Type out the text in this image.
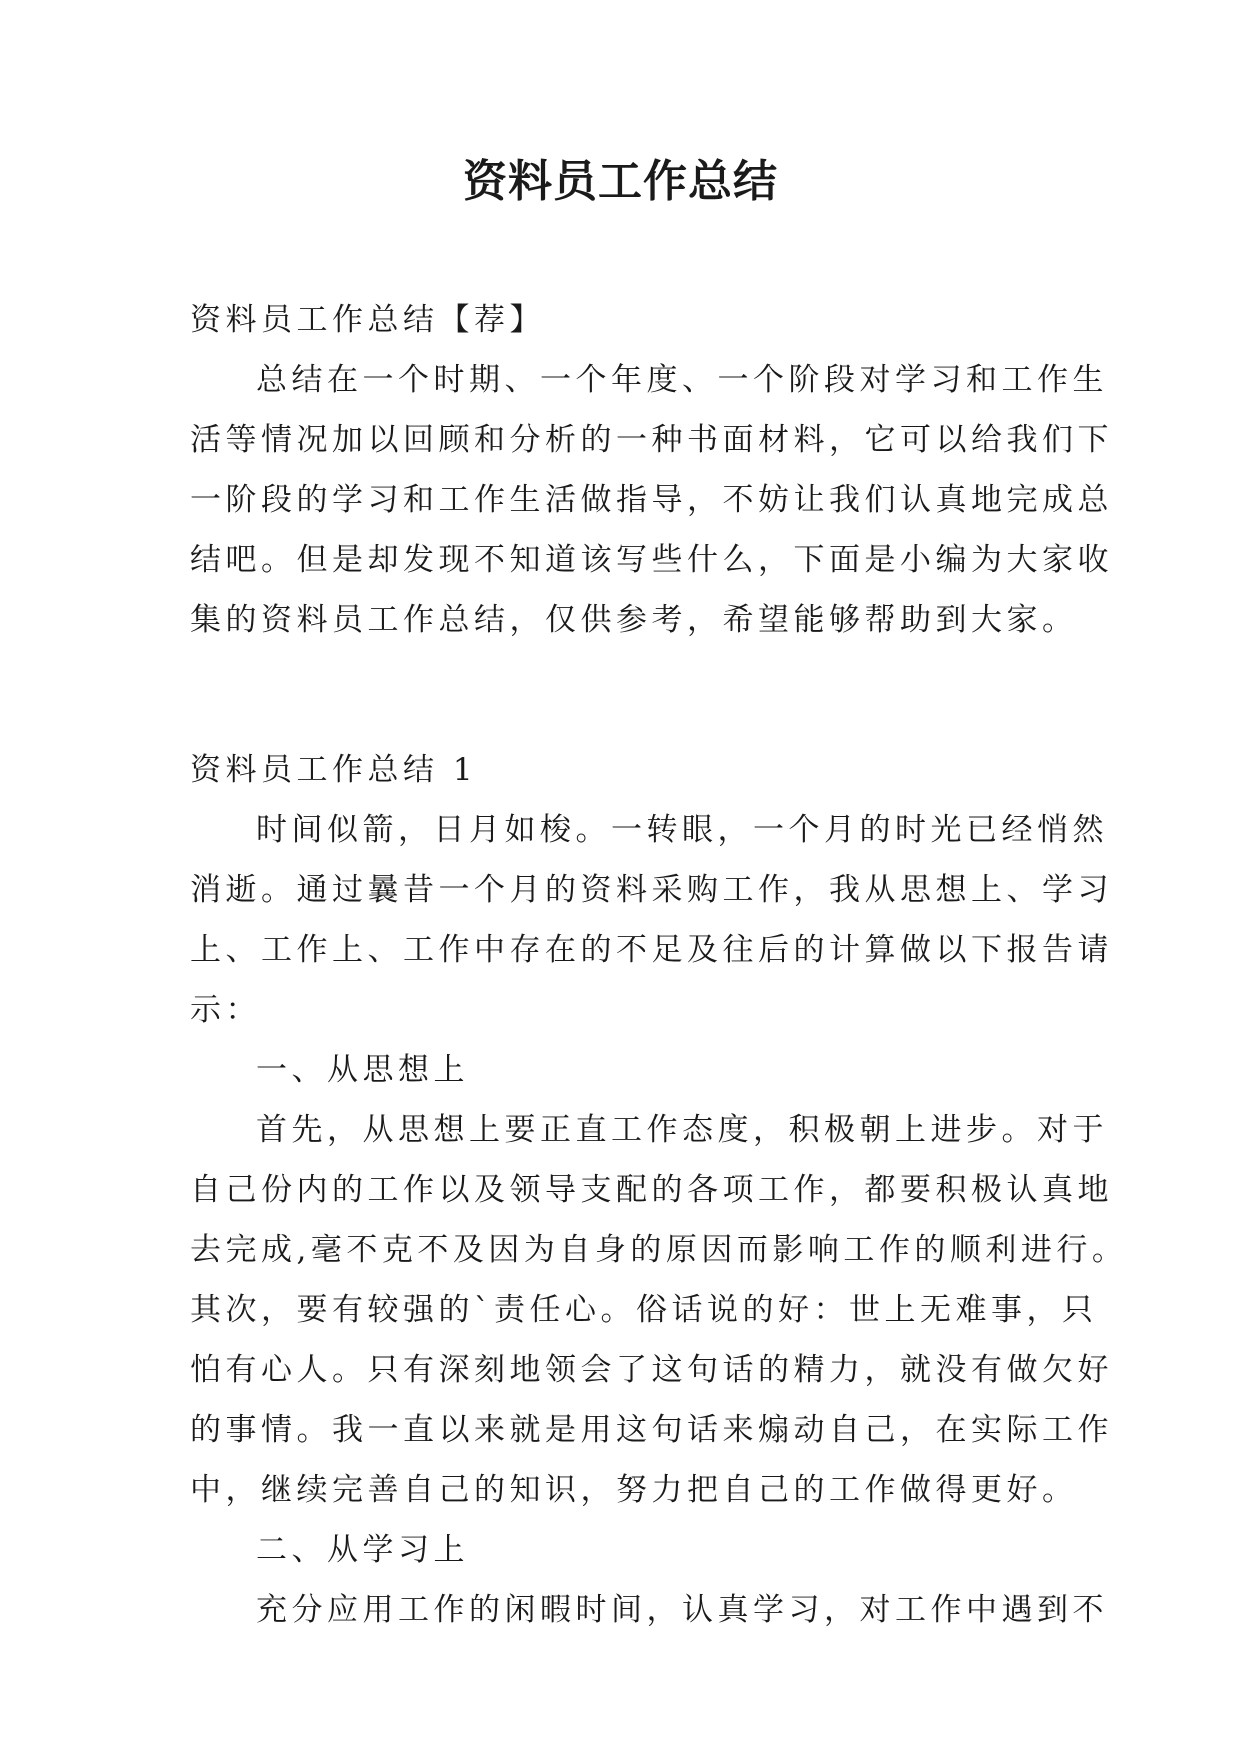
资料员工作总结
资料员工作总结【荐】
总结在一个时期、一个年度、一个阶段对学习和工作生
活等情况加以回顾和分析的一种书面材料，它可以给我们下
一阶段的学习和工作生活做指导，不妨让我们认真地完成总
结吧。但是却发现不知道该写些什么，下面是小编为大家收
集的资料员工作总结，仅供参考，希望能够帮助到大家。
资料员工作总结 1
时间似箭，日月如梭。一转眼，一个月的时光已经悄然
消逝。通过曩昔一个月的资料采购工作，我从思想上、学习
上、工作上、工作中存在的不足及往后的计算做以下报告请
示：
一、从思想上
首先，从思想上要正直工作态度，积极朝上进步。对于
自己份内的工作以及领导支配的各项工作，都要积极认真地
去完成,毫不克不及因为自身的原因而影响工作的顺利进行。
其次，要有较强的`责任心。俗话说的好：世上无难事，只
怕有心人。只有深刻地领会了这句话的精力，就没有做欠好
的事情。我一直以来就是用这句话来煽动自己，在实际工作
中，继续完善自己的知识，努力把自己的工作做得更好。
二、从学习上
充分应用工作的闲暇时间，认真学习，对工作中遇到不
